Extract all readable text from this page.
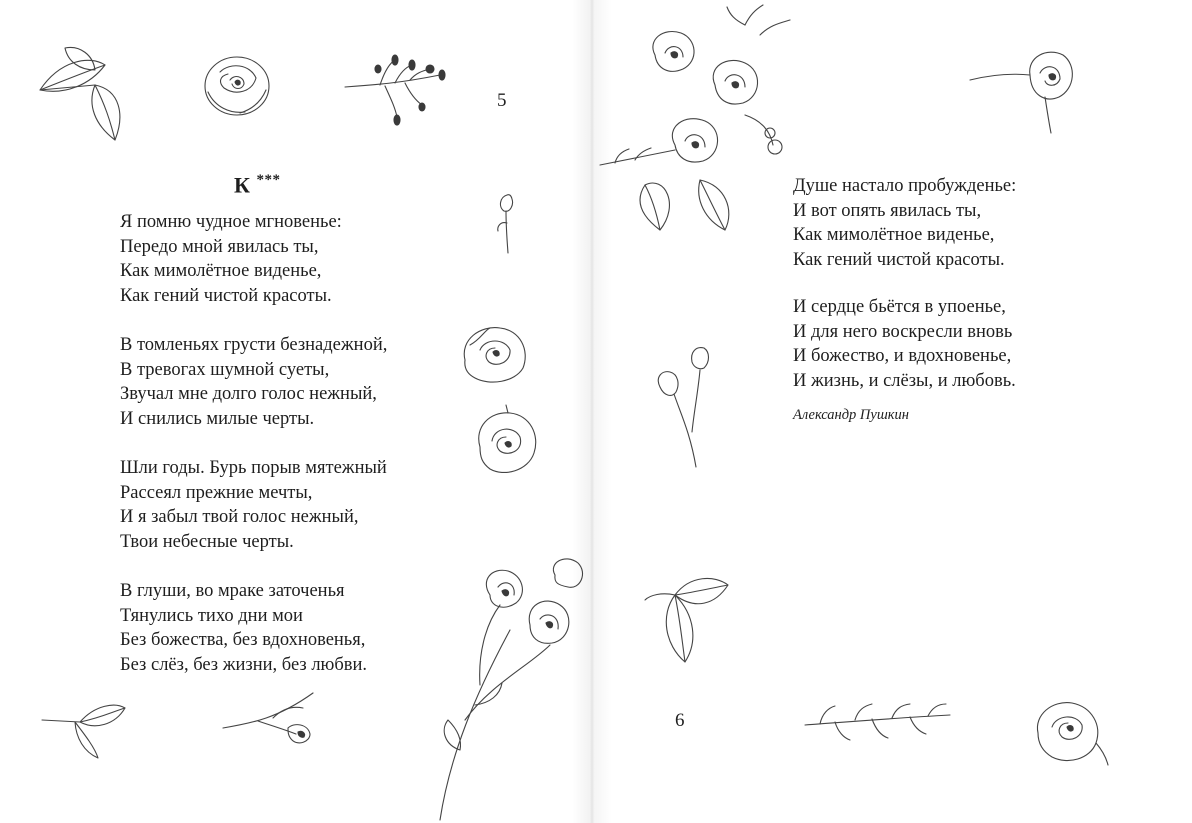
5
К ***
Я помню чудное мгновенье:
Передо мной явилась ты,
Как мимолётное виденье,
Как гений чистой красоты.
В томленьях грусти безнадежной,
В тревогах шумной суеты,
Звучал мне долго голос нежный,
И снились милые черты.
Шли годы. Бурь порыв мятежный
Рассеял прежние мечты,
И я забыл твой голос нежный,
Твои небесные черты.
В глуши, во мраке заточенья
Тянулись тихо дни мои
Без божества, без вдохновенья,
Без слёз, без жизни, без любви.
6
Душе настало пробужденье:
И вот опять явилась ты,
Как мимолётное виденье,
Как гений чистой красоты.
И сердце бьётся в упоенье,
И для него воскресли вновь
И божество, и вдохновенье,
И жизнь, и слёзы, и любовь.
Александр Пушкин
